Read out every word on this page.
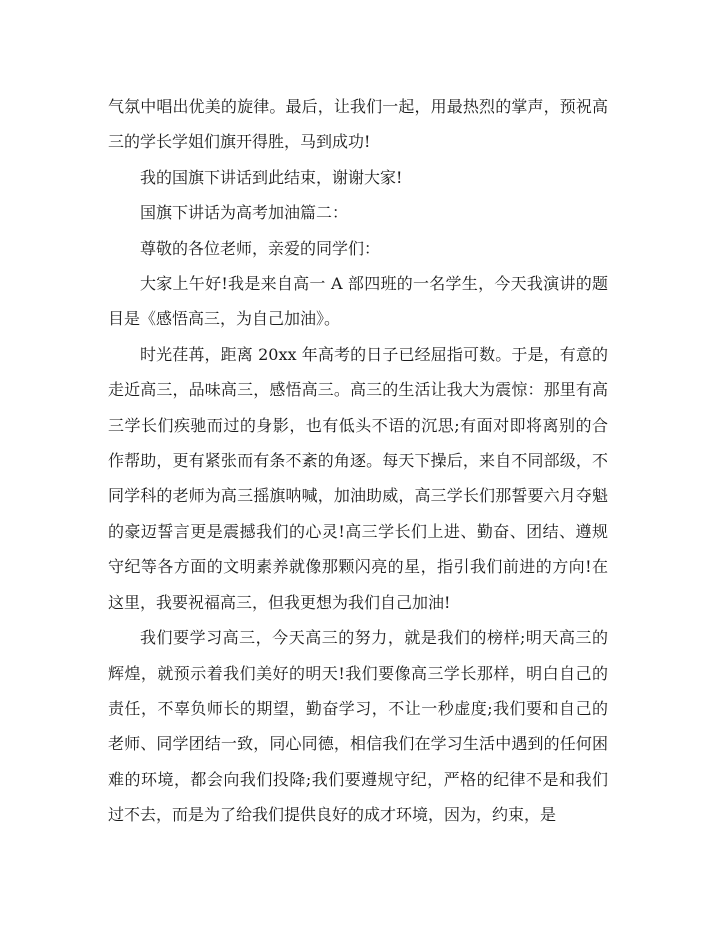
气氛中唱出优美的旋律。最后，让我们一起，用最热烈的掌声，预祝高三的学长学姐们旗开得胜，马到成功!

我的国旗下讲话到此结束，谢谢大家!

国旗下讲话为高考加油篇二：

尊敬的各位老师，亲爱的同学们：

大家上午好!我是来自高一 A 部四班的一名学生，今天我演讲的题目是《感悟高三，为自己加油》。

时光荏苒，距离 20xx 年高考的日子已经屈指可数。于是，有意的走近高三，品味高三，感悟高三。高三的生活让我大为震惊：那里有高三学长们疾驰而过的身影，也有低头不语的沉思;有面对即将离别的合作帮助，更有紧张而有条不紊的角逐。每天下操后，来自不同部级，不同学科的老师为高三摇旗呐喊，加油助威，高三学长们那誓要六月夺魁的豪迈誓言更是震撼我们的心灵!高三学长们上进、勤奋、团结、遵规守纪等各方面的文明素养就像那颗闪亮的星，指引我们前进的方向!在这里，我要祝福高三，但我更想为我们自己加油!

我们要学习高三，今天高三的努力，就是我们的榜样;明天高三的辉煌，就预示着我们美好的明天!我们要像高三学长那样，明白自己的责任，不辜负师长的期望，勤奋学习，不让一秒虚度;我们要和自己的老师、同学团结一致，同心同德，相信我们在学习生活中遇到的任何困难的环境，都会向我们投降;我们要遵规守纪，严格的纪律不是和我们过不去，而是为了给我们提供良好的成才环境，因为，约束，是
